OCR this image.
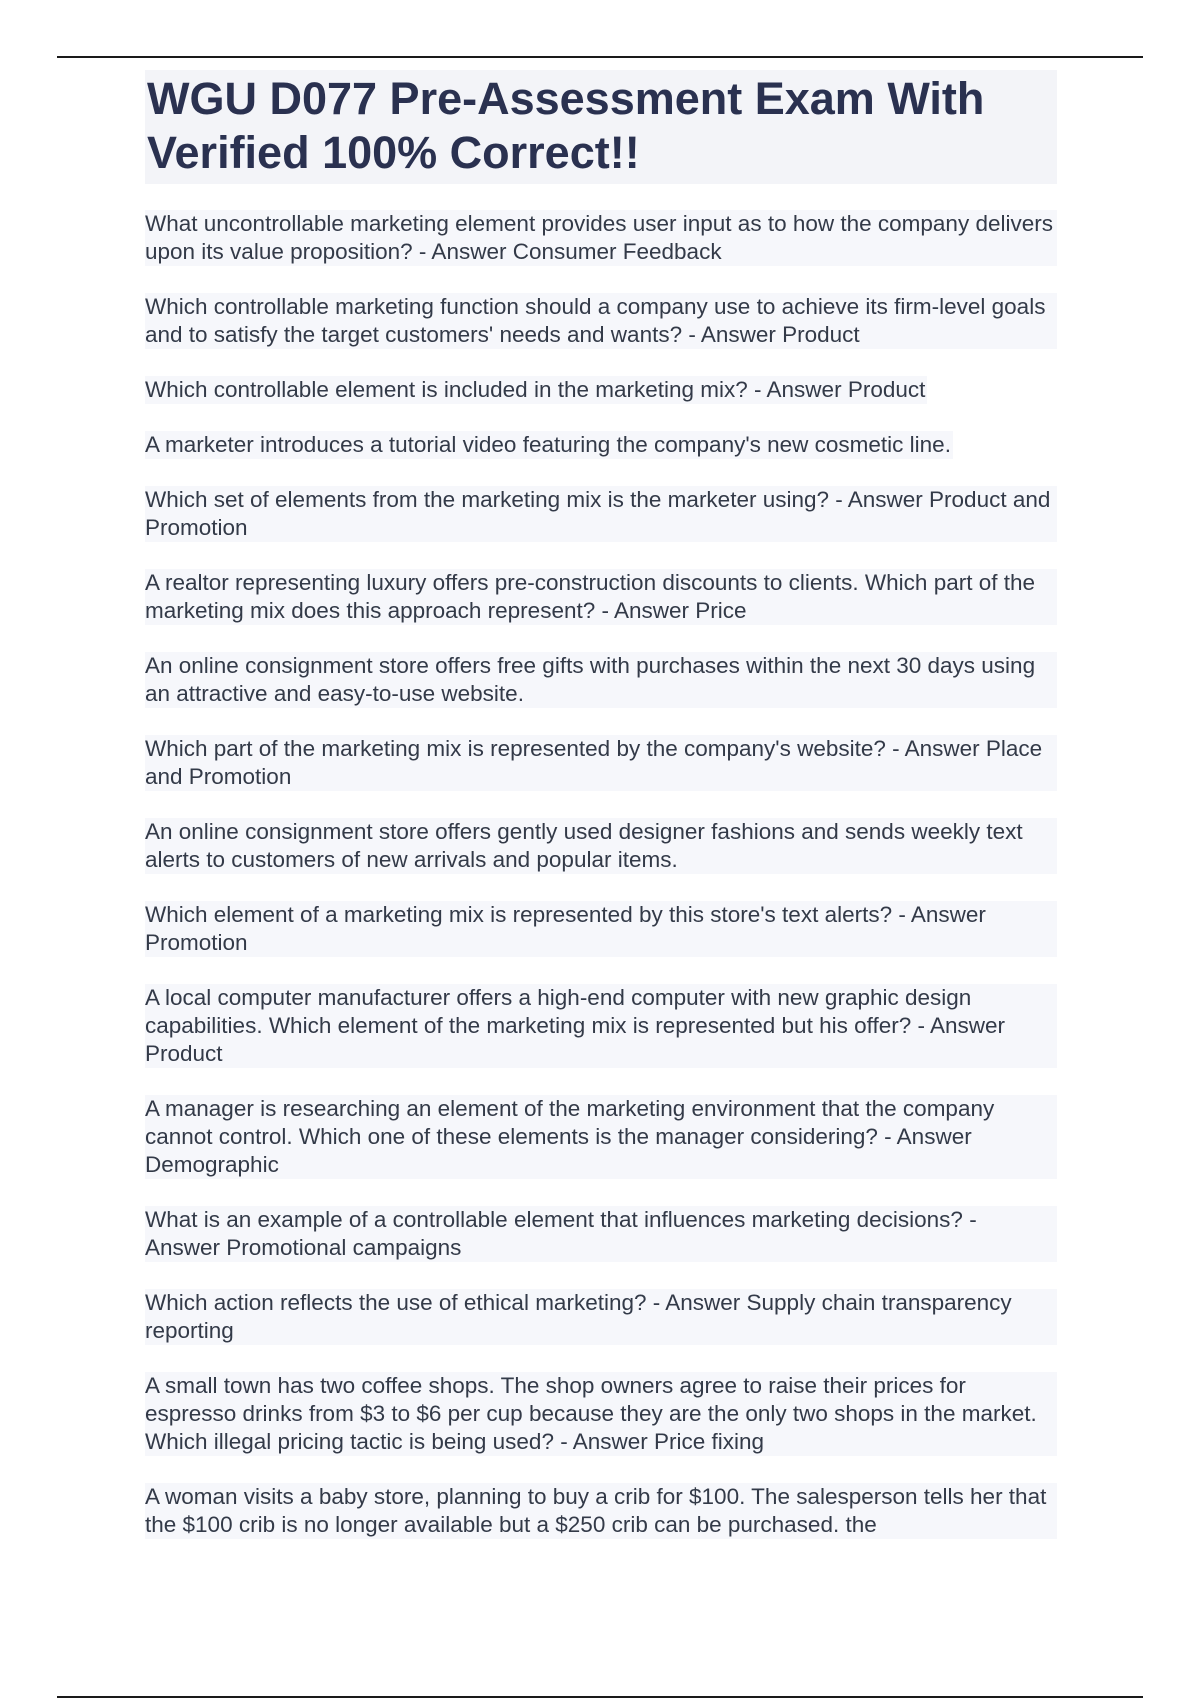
WGU D077 Pre-Assessment Exam With Verified 100% Correct!!
What uncontrollable marketing element provides user input as to how the company delivers upon its value proposition? - Answer Consumer Feedback
Which controllable marketing function should a company use to achieve its firm-level goals and to satisfy the target customers' needs and wants? - Answer Product
Which controllable element is included in the marketing mix? - Answer Product
A marketer introduces a tutorial video featuring the company's new cosmetic line.
Which set of elements from the marketing mix is the marketer using? - Answer Product and Promotion
A realtor representing luxury offers pre-construction discounts to clients. Which part of the marketing mix does this approach represent? - Answer Price
An online consignment store offers free gifts with purchases within the next 30 days using an attractive and easy-to-use website.
Which part of the marketing mix is represented by the company's website? - Answer Place and Promotion
An online consignment store offers gently used designer fashions and sends weekly text alerts to customers of new arrivals and popular items.
Which element of a marketing mix is represented by this store's text alerts? - Answer Promotion
A local computer manufacturer offers a high-end computer with new graphic design capabilities. Which element of the marketing mix is represented but his offer? - Answer Product
A manager is researching an element of the marketing environment that the company cannot control. Which one of these elements is the manager considering? - Answer Demographic
What is an example of a controllable element that influences marketing decisions? - Answer Promotional campaigns
Which action reflects the use of ethical marketing? - Answer Supply chain transparency reporting
A small town has two coffee shops. The shop owners agree to raise their prices for espresso drinks from $3 to $6 per cup because they are the only two shops in the market. Which illegal pricing tactic is being used? - Answer Price fixing
A woman visits a baby store, planning to buy a crib for $100. The salesperson tells her that the $100 crib is no longer available but a $250 crib can be purchased. the
